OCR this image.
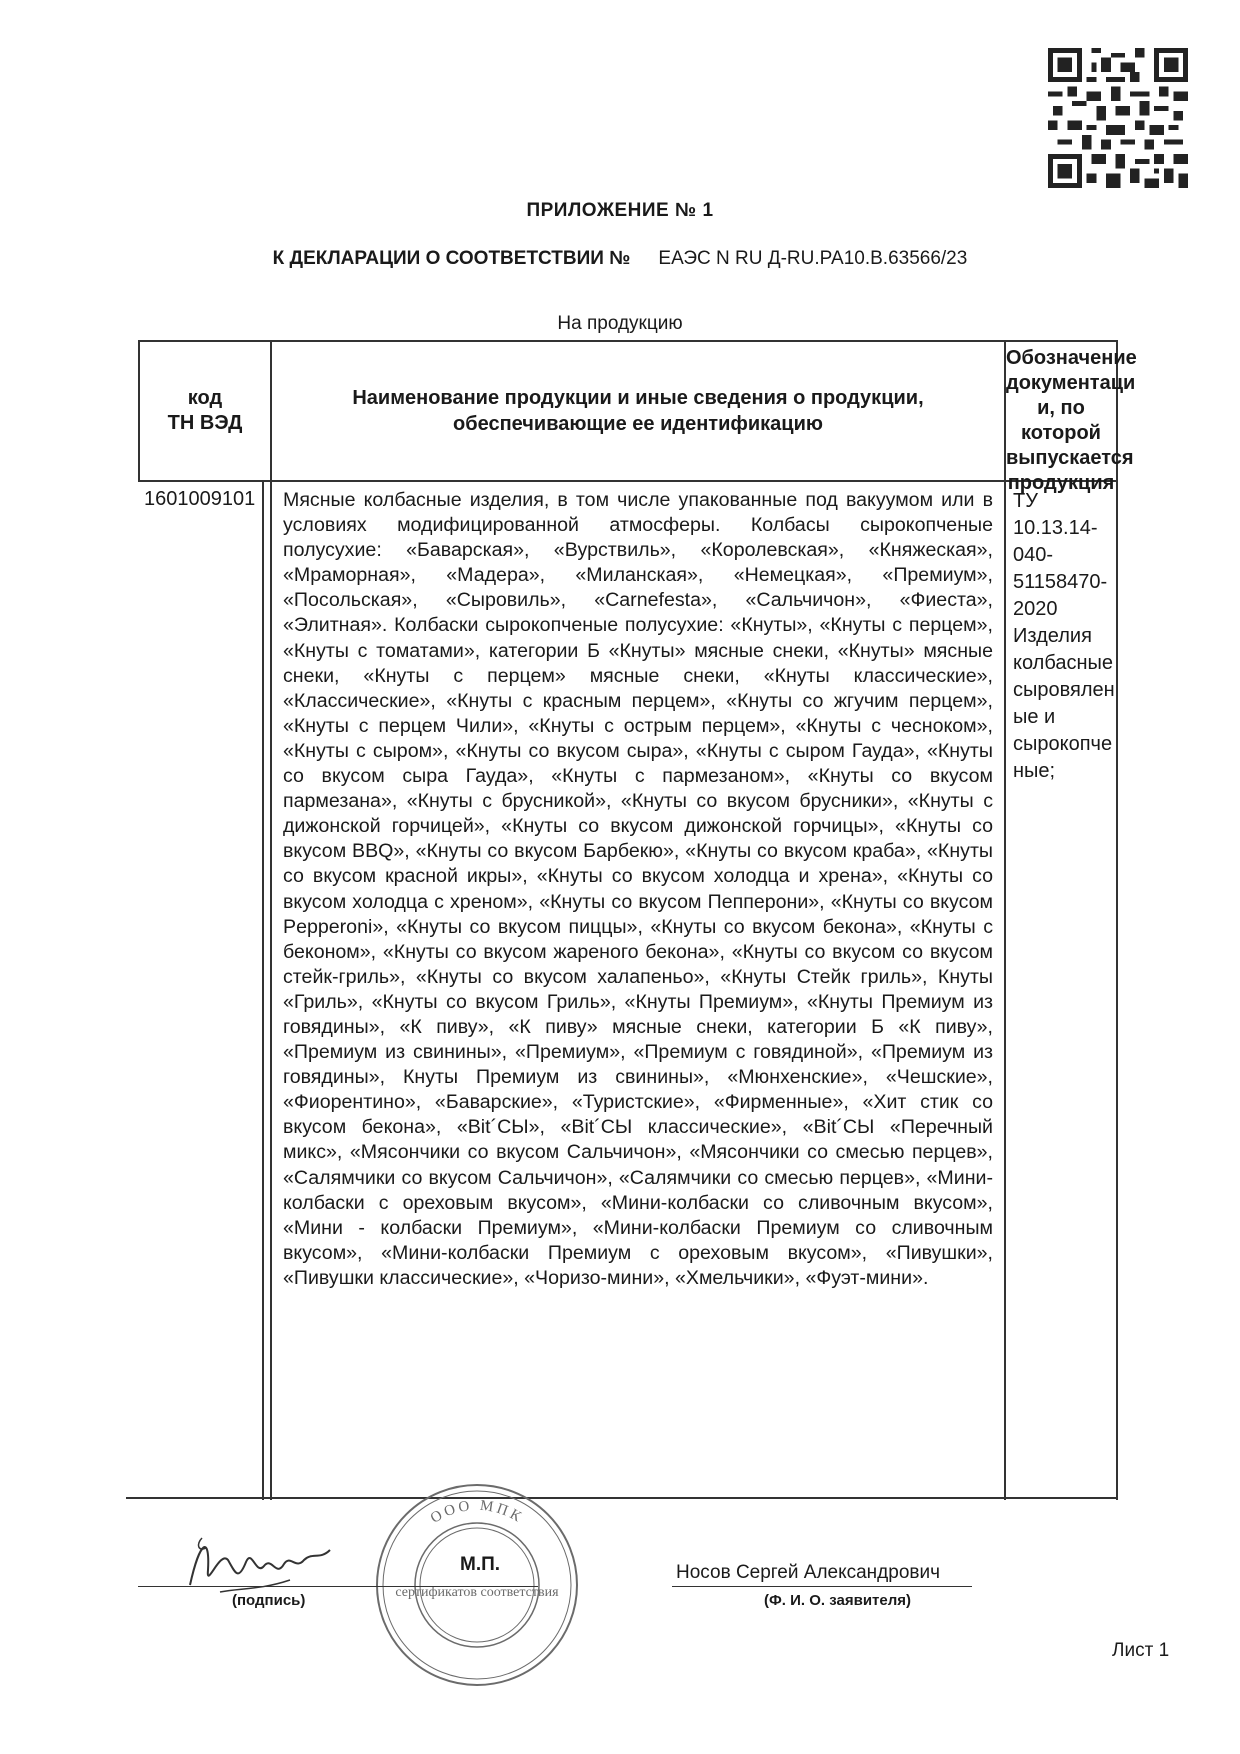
ПРИЛОЖЕНИЕ № 1
К ДЕКЛАРАЦИИ О СООТВЕТСТВИИ № ЕАЭС N RU Д-RU.РА10.В.63566/23
На продукцию
код
ТН ВЭД
Наименование продукции и иные сведения о продукции,
обеспечивающие ее идентификацию
Обозначение документаци и, по которой выпускается продукция
1601009101 Мясные колбасные изделия, в том числе упакованные под вакуумом или в условиях модифицированной атмосферы. Колбасы сырокопченые полусухие: «Баварская», «Вурствиль», «Королевская», «Княжеская», «Мраморная», «Мадера», «Миланская», «Немецкая», «Премиум», «Посольская», «Сыровиль», «Carnefesta», «Сальчичон», «Фиеста», «Элитная». Колбаски сырокопченые полусухие: «Кнуты», «Кнуты с перцем», «Кнуты с томатами», категории Б «Кнуты» мясные снеки, «Кнуты» мясные снеки, «Кнуты с перцем» мясные снеки, «Кнуты классические», «Классические», «Кнуты с красным перцем», «Кнуты со жгучим перцем», «Кнуты с перцем Чили», «Кнуты с острым перцем», «Кнуты с чесноком», «Кнуты с сыром», «Кнуты со вкусом сыра», «Кнуты с сыром Гауда», «Кнуты со вкусом сыра Гауда», «Кнуты с пармезаном», «Кнуты со вкусом пармезана», «Кнуты с брусникой», «Кнуты со вкусом брусники», «Кнуты с дижонской горчицей», «Кнуты со вкусом дижонской горчицы», «Кнуты со вкусом BBQ», «Кнуты со вкусом Барбекю», «Кнуты со вкусом краба», «Кнуты со вкусом красной икры», «Кнуты со вкусом холодца и хрена», «Кнуты со вкусом холодца с хреном», «Кнуты со вкусом Пепперони», «Кнуты со вкусом Pepperoni», «Кнуты со вкусом пиццы», «Кнуты со вкусом бекона», «Кнуты с беконом», «Кнуты со вкусом жареного бекона», «Кнуты со вкусом со вкусом стейк-гриль», «Кнуты со вкусом халапеньо», «Кнуты Стейк гриль», Кнуты «Гриль», «Кнуты со вкусом Гриль», «Кнуты Премиум», «Кнуты Премиум из говядины», «К пиву», «К пиву» мясные снеки, категории Б «К пиву», «Премиум из свинины», «Премиум», «Премиум с говядиной», «Премиум из говядины», Кнуты Премиум из свинины», «Мюнхенские», «Чешские», «Фиорентино», «Баварские», «Туристские», «Фирменные», «Хит стик со вкусом бекона», «Bit´СЫ», «Bit´СЫ классические», «Bit´СЫ «Перечный микс», «Мясончики со вкусом Сальчичон», «Мясончики со смесью перцев», «Салямчики со вкусом Сальчичон», «Салямчики со смесью перцев», «Мини-колбаски с ореховым вкусом», «Мини-колбаски со сливочным вкусом», «Мини - колбаски Премиум», «Мини-колбаски Премиум со сливочным вкусом», «Мини-колбаски Премиум с ореховым вкусом», «Пивушки», «Пивушки классические», «Чоризо-мини», «Хмельчики», «Фуэт-мини».
ТУ 10.13.14-040-51158470-2020 Изделия колбасные сыровяленые и сырокопченые;
ООО МПК
сертификатов соответствия
(подпись)
М.П.	Носов Сергей Александрович
(Ф. И. О. заявителя)
Лист 1
